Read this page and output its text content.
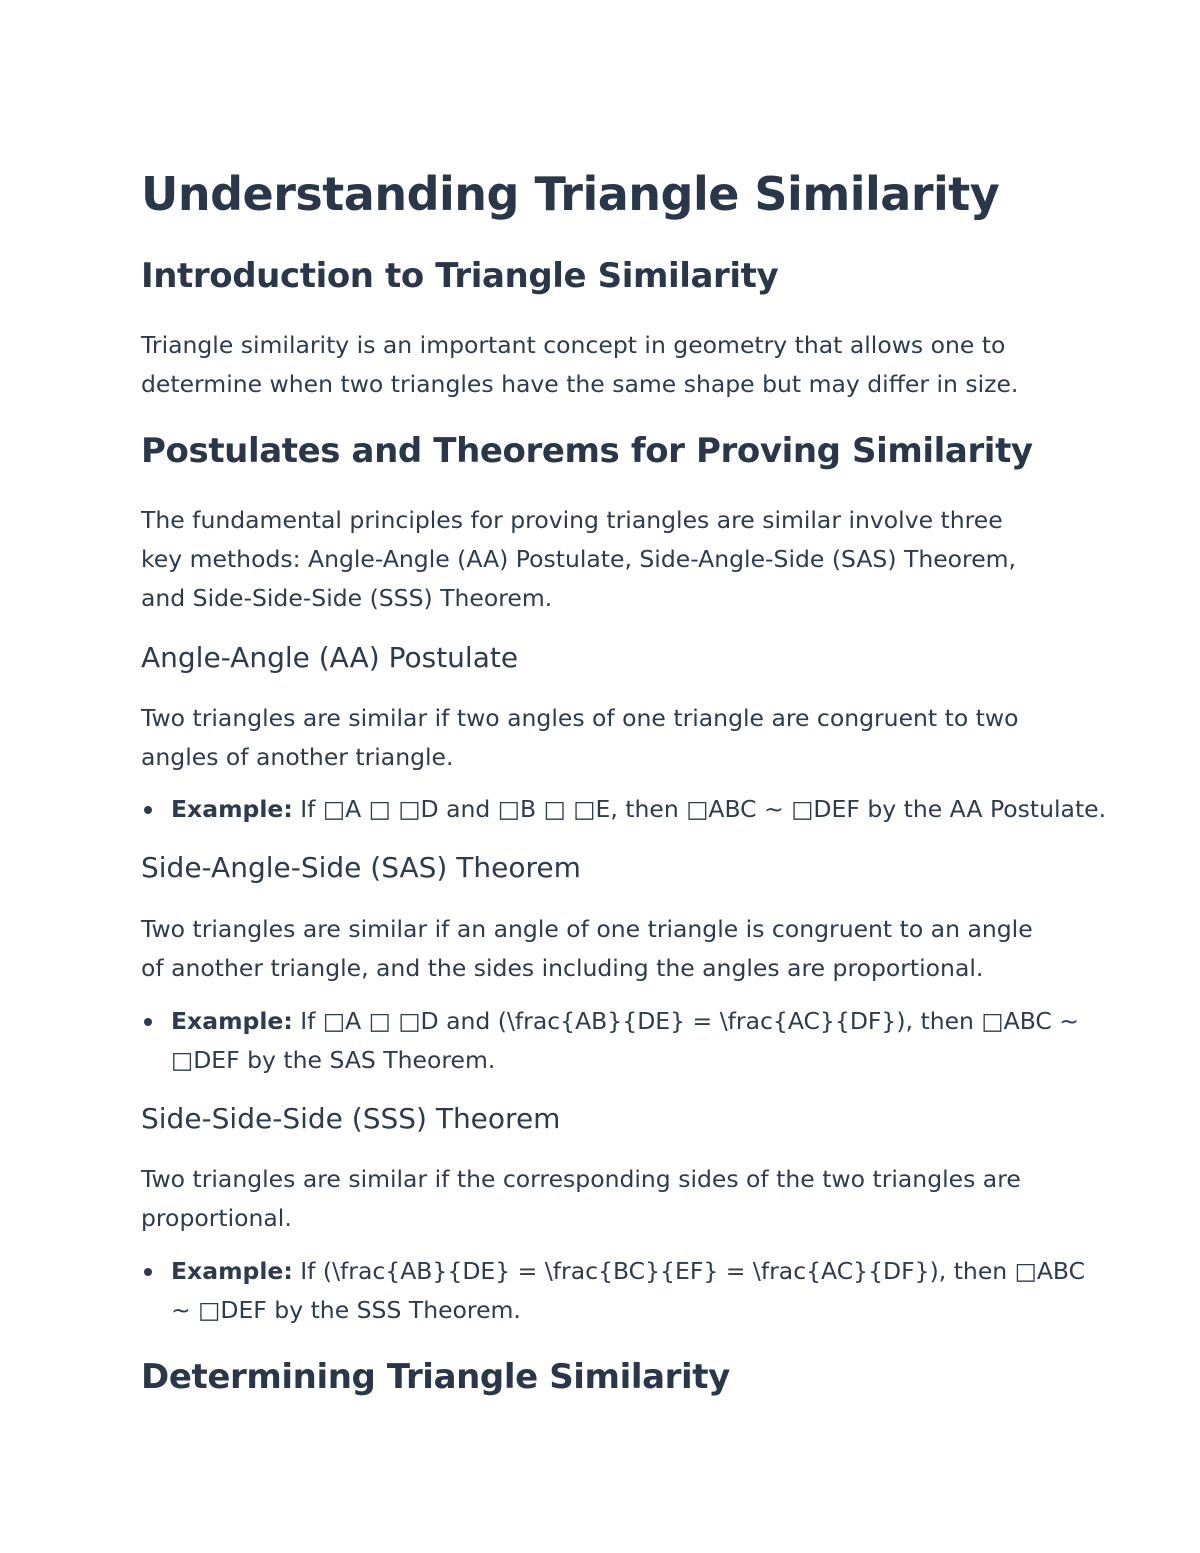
Understanding Triangle Similarity
Introduction to Triangle Similarity

Triangle similarity is an important concept in geometry that allows one to
determine when two triangles have the same shape but may differ in size.

Postulates and Theorems for Proving Similarity

The fundamental principles for proving triangles are similar involve three
key methods: Angle-Angle (AA) Postulate, Side-Angle-Side (SAS) Theorem,
and Side-Side-Side (SSS) Theorem.

Angle-Angle (AA) Postulate

Two triangles are similar if two angles of one triangle are congruent to two
angles of another triangle.

Example: If □A □ □D and □B □ □E, then □ABC ~ □DEF by the AA Postulate.
Side-Angle-Side (SAS) Theorem

Two triangles are similar if an angle of one triangle is congruent to an angle
of another triangle, and the sides including the angles are proportional.

Example: If □A □ □D and (\frac{AB}{DE} = \frac{AC}{DF}), then □ABC ~
□DEF by the SAS Theorem.
Side-Side-Side (SSS) Theorem

Two triangles are similar if the corresponding sides of the two triangles are
proportional.

Example: If (\frac{AB}{DE} = \frac{BC}{EF} = \frac{AC}{DF}), then □ABC
~ □DEF by the SSS Theorem.
Determining Triangle Similarity
